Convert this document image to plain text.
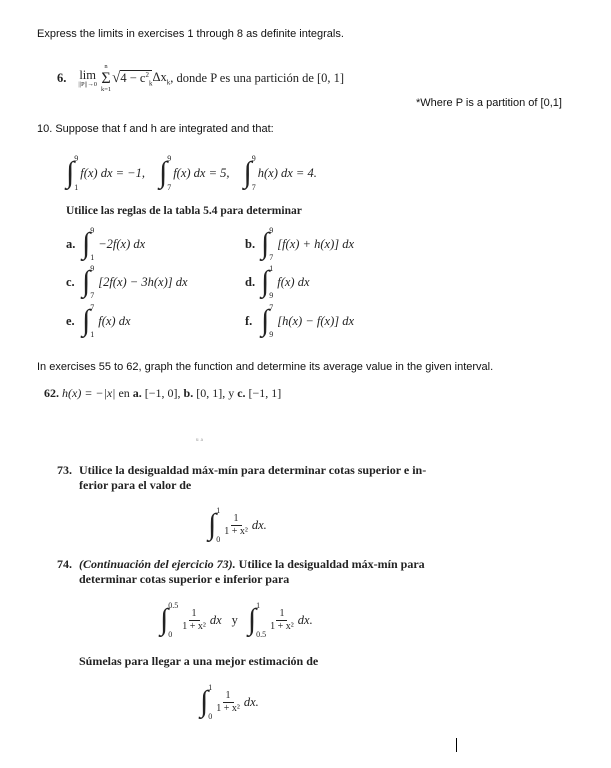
Express the limits in exercises 1 through 8 as definite integrals.
6. lim
||P||→0
n
Σ
k=1
√ $4 - c^2_k$ $\Delta x_k$ , donde P es una partición de [0, 1]
*Where P is a partition of [0,1]
10. Suppose that f and h are integrated and that:
∫ 9
1
f(x) dx = −1, ∫ 9
7
f(x) dx = 5, ∫ 9
7
h(x) dx = 4.
Utilice las reglas de la tabla 5.4 para determinar
a. ∫ 9
1
−2f(x) dx	b. ∫ 9
7
[f(x) + h(x)] dx
c. ∫ 9
7
[2f(x) − 3h(x)] dx	d. ∫ 1
9
f(x) dx
e. ∫ 7
1
f(x) dx	f. ∫ 7
9
[h(x) − f(x)] dx
In exercises 55 to 62, graph the function and determine its average value in the given interval.
62. h(x) = −|x| en a. [−1, 0], b. [0, 1], y c. [−1, 1]
ᵘ ᵃ
73. Utilice la desigualdad máx-mín para determinar cotas superior e in-
ferior para el valor de
∫ 1
0
$\frac{1}{\text{1 + x²}}$ dx.
74. (Continuación del ejercicio 73). Utilice la desigualdad máx-mín para
determinar cotas superior e inferior para
∫ 0.5
0
$\frac{1}{\text{1 + x²}}$ dx y ∫ 1
0.5
$\frac{1}{\text{1 + x²}}$ dx.
Súmelas para llegar a una mejor estimación de
∫ 1
0
$\frac{1}{\text{1 + x²}}$ dx.
